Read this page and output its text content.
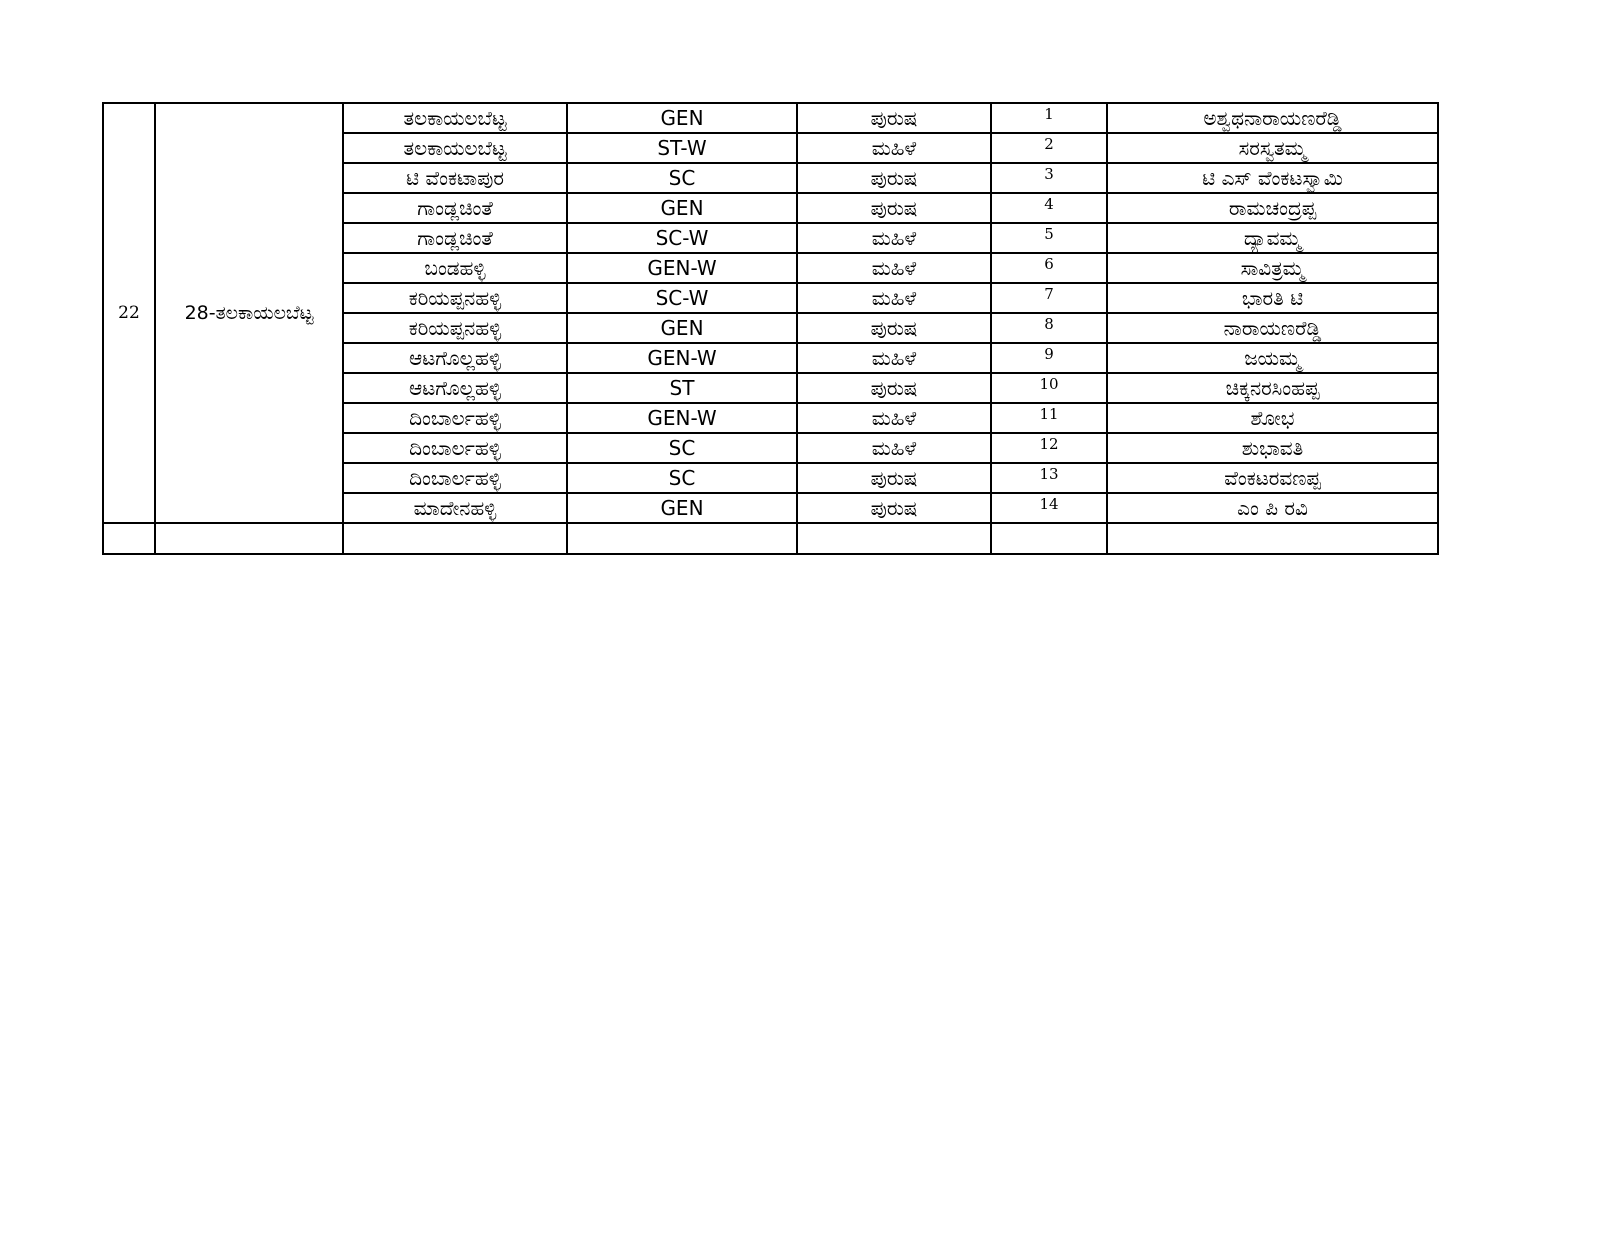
22	28-ತಲಕಾಯಲಬೆಟ್ಟ	ತಲಕಾಯಲಬೆಟ್ಟ	GEN	ಪುರುಷ	1	ಅಶ್ವಥನಾರಾಯಣರೆಡ್ಡಿ
		ತಲಕಾಯಲಬೆಟ್ಟ	ST-W	ಮಹಿಳೆ	2	ಸರಸ್ವತಮ್ಮ
		ಟಿ ವೆಂಕಟಾಪುರ	SC	ಪುರುಷ	3	ಟಿ ಎಸ್ ವೆಂಕಟಸ್ವಾಮಿ
		ಗಾಂಡ್ಲಚಿಂತೆ	GEN	ಪುರುಷ	4	ರಾಮಚಂದ್ರಪ್ಪ
		ಗಾಂಡ್ಲಚಿಂತೆ	SC-W	ಮಹಿಳೆ	5	ದ್ಯಾವಮ್ಮ
		ಬಂಡಹಳ್ಳಿ	GEN-W	ಮಹಿಳೆ	6	ಸಾವಿತ್ರಮ್ಮ
		ಕರಿಯಪ್ಪನಹಳ್ಳಿ	SC-W	ಮಹಿಳೆ	7	ಭಾರತಿ ಟಿ
		ಕರಿಯಪ್ಪನಹಳ್ಳಿ	GEN	ಪುರುಷ	8	ನಾರಾಯಣರೆಡ್ಡಿ
		ಆಟಗೊಲ್ಲಹಳ್ಳಿ	GEN-W	ಮಹಿಳೆ	9	ಜಯಮ್ಮ
		ಆಟಗೊಲ್ಲಹಳ್ಳಿ	ST	ಪುರುಷ	10	ಚಿಕ್ಕನರಸಿಂಹಪ್ಪ
		ದಿಂಬಾರ್ಲಹಳ್ಳಿ	GEN-W	ಮಹಿಳೆ	11	ಶೋಭ
		ದಿಂಬಾರ್ಲಹಳ್ಳಿ	SC	ಮಹಿಳೆ	12	ಶುಭಾವತಿ
		ದಿಂಬಾರ್ಲಹಳ್ಳಿ	SC	ಪುರುಷ	13	ವೆಂಕಟರವಣಪ್ಪ
		ಮಾದೇನಹಳ್ಳಿ	GEN	ಪುರುಷ	14	ಎಂ ಪಿ ರವಿ
